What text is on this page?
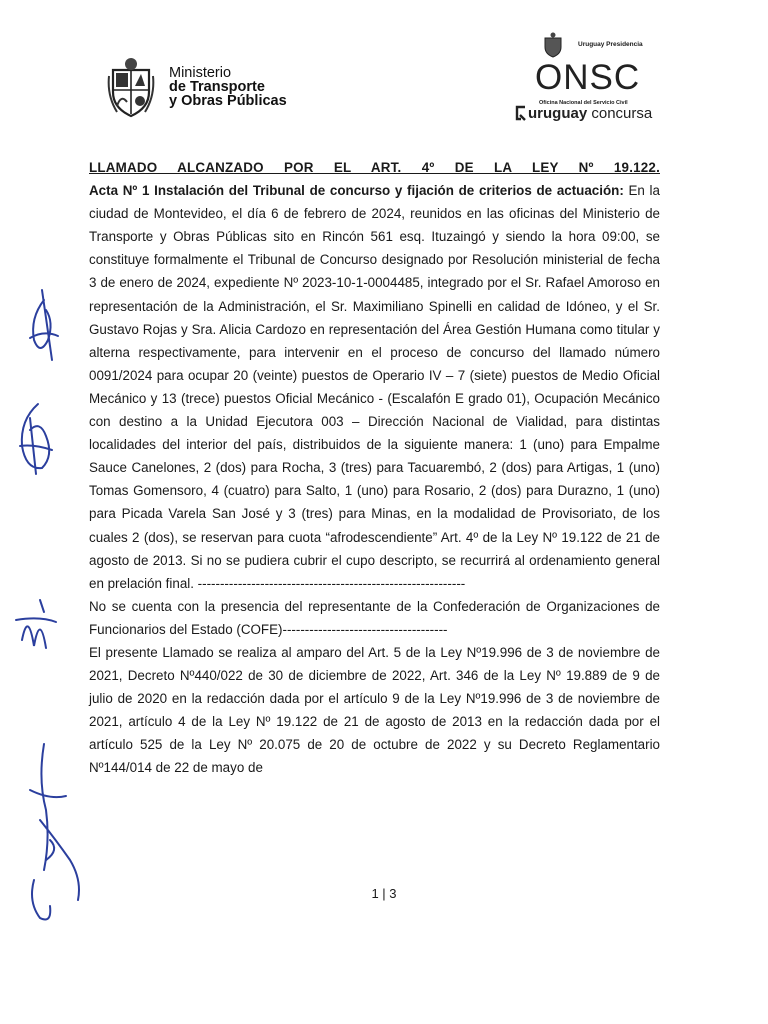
Ministerio
de Transporte
y Obras Públicas
Uruguay Presidencia
ONSC
Oficina Nacional del Servicio Civil
uruguay concursa

LLAMADO ALCANZADO POR EL ART. 4º DE LA LEY Nº 19.122.

Acta Nº 1 Instalación del Tribunal de concurso y fijación de criterios de actuación: En la ciudad de Montevideo, el día 6 de febrero de 2024, reunidos en las oficinas del Ministerio de Transporte y Obras Públicas sito en Rincón 561 esq. Ituzaingó y siendo la hora 09:00, se constituye formalmente el Tribunal de Concurso designado por Resolución ministerial de fecha 3 de enero de 2024, expediente Nº 2023-10-1-0004485, integrado por el Sr. Rafael Amoroso en representación de la Administración, el Sr. Maximiliano Spinelli en calidad de Idóneo, y el Sr. Gustavo Rojas y Sra. Alicia Cardozo en representación del Área Gestión Humana como titular y alterna respectivamente, para intervenir en el proceso de concurso del llamado número 0091/2024 para ocupar 20 (veinte) puestos de Operario IV – 7 (siete) puestos de Medio Oficial Mecánico y 13 (trece) puestos Oficial Mecánico - (Escalafón E grado 01), Ocupación Mecánico con destino a la Unidad Ejecutora 003 – Dirección Nacional de Vialidad, para distintas localidades del interior del país, distribuidos de la siguiente manera: 1 (uno) para Empalme Sauce Canelones, 2 (dos) para Rocha, 3 (tres) para Tacuarembó, 2 (dos) para Artigas, 1 (uno) Tomas Gomensoro, 4 (cuatro) para Salto, 1 (uno) para Rosario, 2 (dos) para Durazno, 1 (uno) para Picada Varela San José y 3 (tres) para Minas, en la modalidad de Provisoriato, de los cuales 2 (dos), se reservan para cuota “afrodescendiente” Art. 4º de la Ley Nº 19.122 de 21 de agosto de 2013. Si no se pudiera cubrir el cupo descripto, se recurrirá al ordenamiento general en prelación final. ------------------------------------------------------------

No se cuenta con la presencia del representante de la Confederación de Organizaciones de Funcionarios del Estado (COFE)-------------------------------------

El presente Llamado se realiza al amparo del Art. 5 de la Ley Nº19.996 de 3 de noviembre de 2021, Decreto Nº440/022 de 30 de diciembre de 2022, Art. 346 de la Ley Nº 19.889 de 9 de julio de 2020 en la redacción dada por el artículo 9 de la Ley Nº19.996 de 3 de noviembre de 2021, artículo 4 de la Ley Nº 19.122 de 21 de agosto de 2013 en la redacción dada por el artículo 525 de la Ley Nº 20.075 de 20 de octubre de 2022 y su Decreto Reglamentario Nº144/014 de 22 de mayo de

1 | 3
